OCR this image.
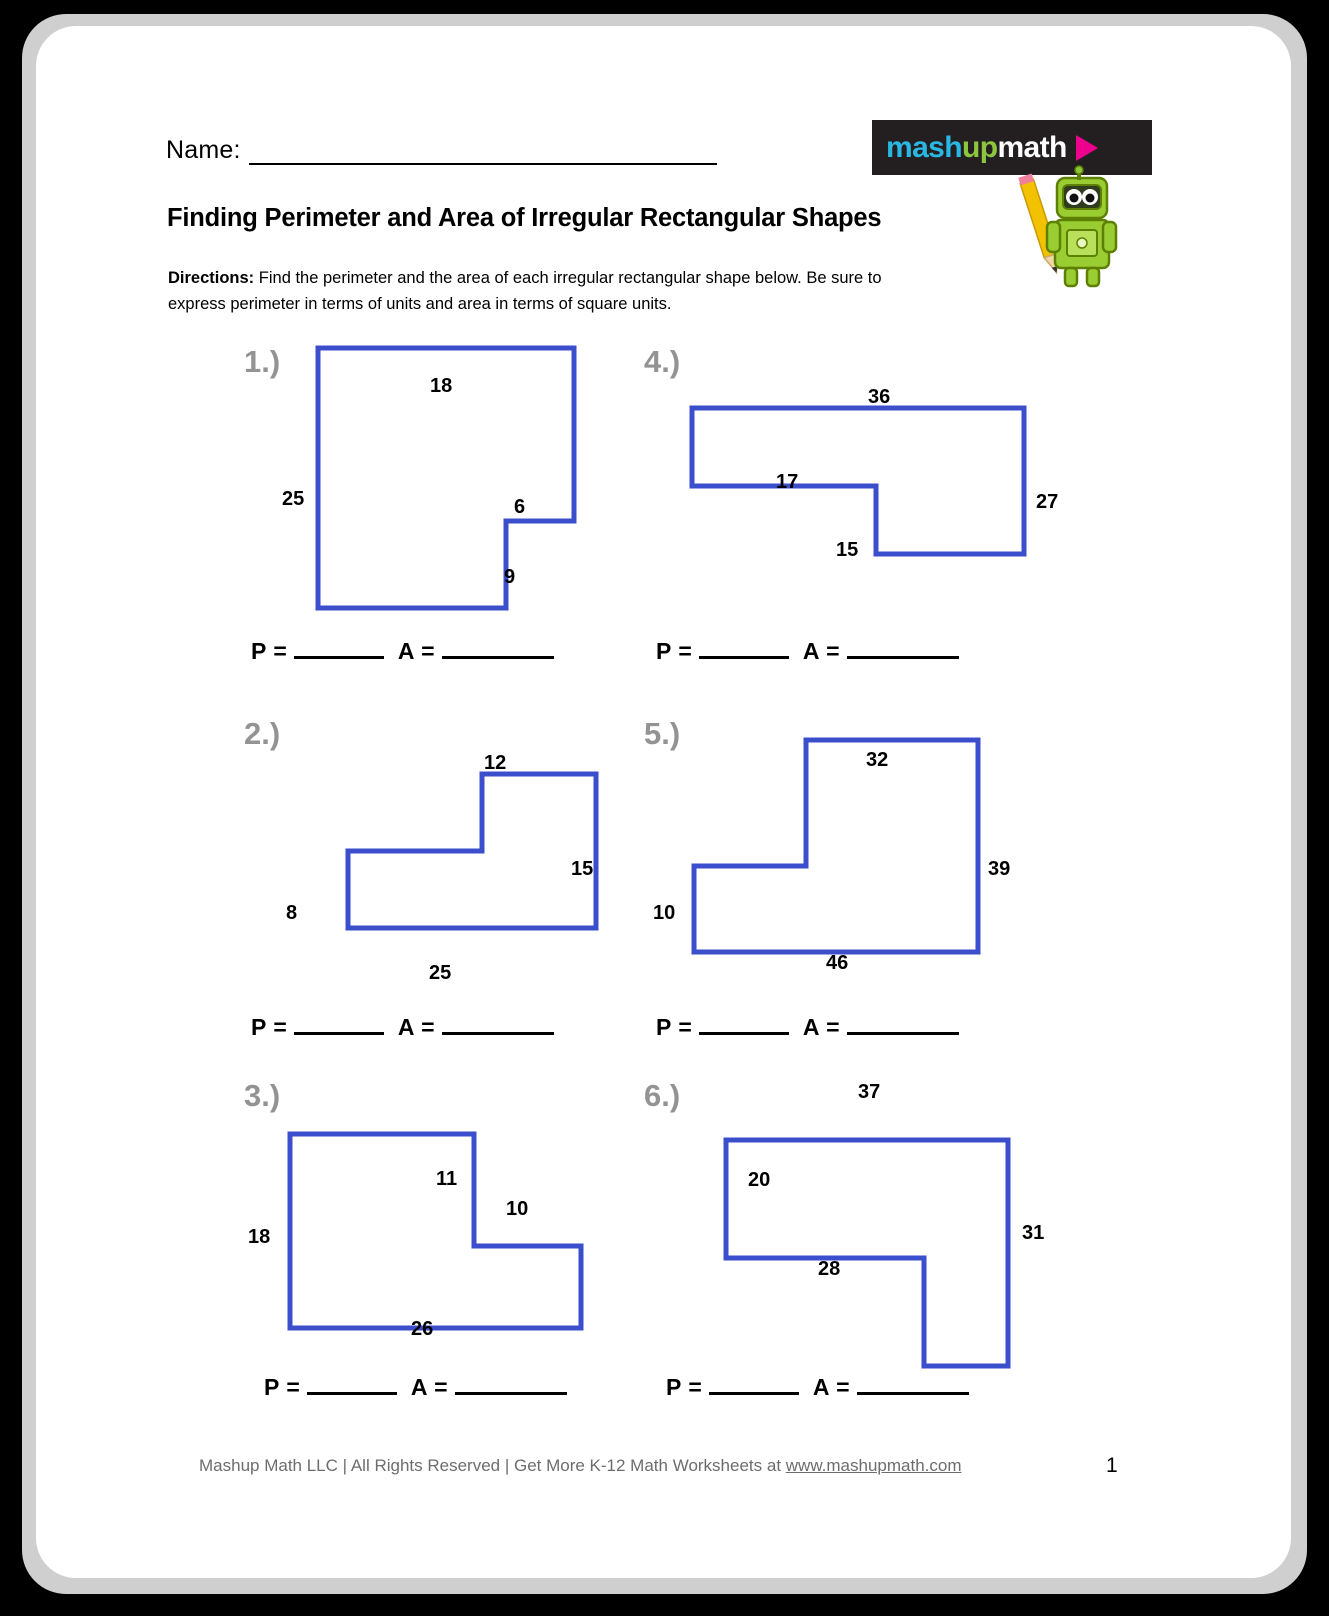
Name:
Finding Perimeter and Area of Irregular Rectangular Shapes
Directions: Find the perimeter and the area of each irregular rectangular shape below. Be sure to express perimeter in terms of units and area in terms of square units.
mash up math
1.)
18
25	6
9
P =	A =
4.)
36
17
27
15
P =	A =
2.)
12
15
8
25
P =	A =
5.)
32
39
10
46
P =	A =
3.)
11
10
18
26
P =	A =
6.)	37
20
31
28
P =	A =
Mashup Math LLC | All Rights Reserved | Get More K-12 Math Worksheets at www.mashupmath.com	1
